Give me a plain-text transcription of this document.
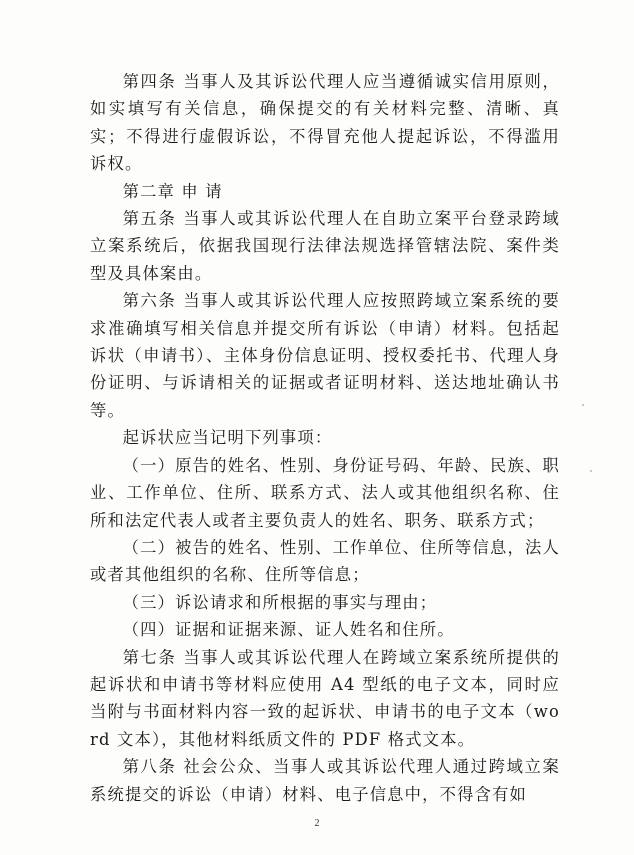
第四条 当事人及其诉讼代理人应当遵循诚实信用原则，如实填写有关信息，确保提交的有关材料完整、清晰、真实；不得进行虚假诉讼，不得冒充他人提起诉讼，不得滥用诉权。

第二章 申 请

第五条 当事人或其诉讼代理人在自助立案平台登录跨域立案系统后，依据我国现行法律法规选择管辖法院、案件类型及具体案由。

第六条 当事人或其诉讼代理人应按照跨域立案系统的要求准确填写相关信息并提交所有诉讼（申请）材料。包括起诉状（申请书）、主体身份信息证明、授权委托书、代理人身份证明、与诉请相关的证据或者证明材料、送达地址确认书等。

起诉状应当记明下列事项：

（一）原告的姓名、性别、身份证号码、年龄、民族、职业、工作单位、住所、联系方式、法人或其他组织名称、住所和法定代表人或者主要负责人的姓名、职务、联系方式；

（二）被告的姓名、性别、工作单位、住所等信息，法人或者其他组织的名称、住所等信息；

（三）诉讼请求和所根据的事实与理由；

（四）证据和证据来源、证人姓名和住所。

第七条 当事人或其诉讼代理人在跨域立案系统所提供的起诉状和申请书等材料应使用 A4 型纸的电子文本，同时应当附与书面材料内容一致的起诉状、申请书的电子文本（word 文本），其他材料纸质文件的 PDF 格式文本。

第八条 社会公众、当事人或其诉讼代理人通过跨域立案系统提交的诉讼（申请）材料、电子信息中，不得含有如

2
